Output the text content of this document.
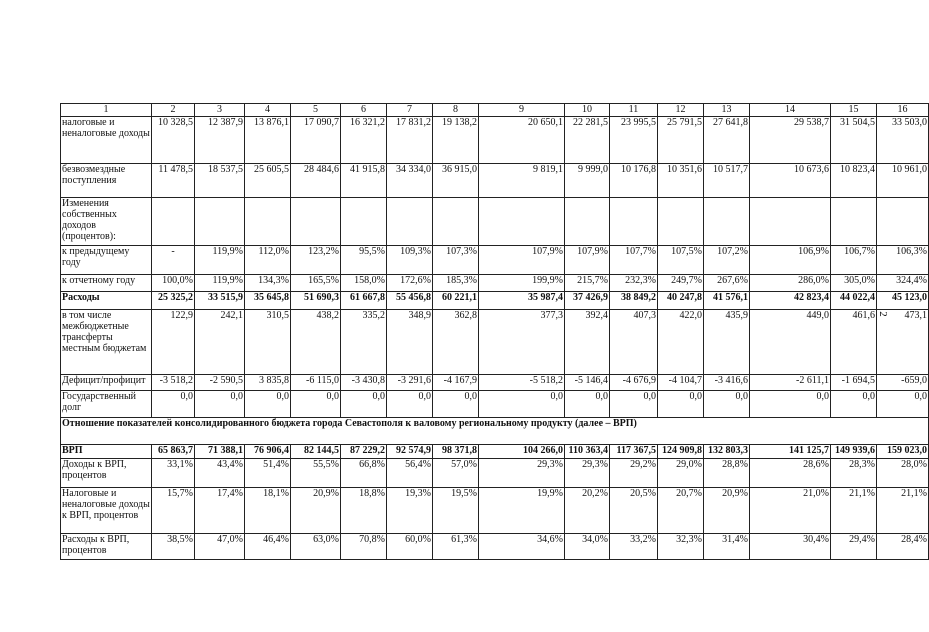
1	2	3	4	5	6	7	8	9	10	11	12	13	14	15	16
налоговые и неналоговые доходы	10 328,5	12 387,9	13 876,1	17 090,7	16 321,2	17 831,2	19 138,2	20 650,1	22 281,5	23 995,5	25 791,5	27 641,8	29 538,7	31 504,5	33 503,0
безвозмездные поступления	11 478,5	18 537,5	25 605,5	28 484,6	41 915,8	34 334,0	36 915,0	9 819,1	9 999,0	10 176,8	10 351,6	10 517,7	10 673,6	10 823,4	10 961,0
Изменения собственных доходов (процентов):															
к предыдущему году	-	119,9%	112,0%	123,2%	95,5%	109,3%	107,3%	107,9%	107,9%	107,7%	107,5%	107,2%	106,9%	106,7%	106,3%
к отчетному году	100,0%	119,9%	134,3%	165,5%	158,0%	172,6%	185,3%	199,9%	215,7%	232,3%	249,7%	267,6%	286,0%	305,0%	324,4%
Расходы	25 325,2	33 515,9	35 645,8	51 690,3	61 667,8	55 456,8	60 221,1	35 987,4	37 426,9	38 849,2	40 247,8	41 576,1	42 823,4	44 022,4	45 123,0
в том числе межбюджетные трансферты местным бюджетам	122,9	242,1	310,5	438,2	335,2	348,9	362,8	377,3	392,4	407,3	422,0	435,9	449,0	461,6	473,1
Дефицит/профицит	-3 518,2	-2 590,5	3 835,8	-6 115,0	-3 430,8	-3 291,6	-4 167,9	-5 518,2	-5 146,4	-4 676,9	-4 104,7	-3 416,6	-2 611,1	-1 694,5	-659,0
Государственный долг	0,0	0,0	0,0	0,0	0,0	0,0	0,0	0,0	0,0	0,0	0,0	0,0	0,0	0,0	0,0
Отношение показателей консолидированного бюджета города Севастополя к валовому региональному продукту (далее – ВРП)															
ВРП	65 863,7	71 388,1	76 906,4	82 144,5	87 229,2	92 574,9	98 371,8	104 266,0	110 363,4	117 367,5	124 909,8	132 803,3	141 125,7	149 939,6	159 023,0
Доходы к ВРП, процентов	33,1%	43,4%	51,4%	55,5%	66,8%	56,4%	57,0%	29,3%	29,3%	29,2%	29,0%	28,8%	28,6%	28,3%	28,0%
Налоговые и неналоговые доходы к ВРП, процентов	15,7%	17,4%	18,1%	20,9%	18,8%	19,3%	19,5%	19,9%	20,2%	20,5%	20,7%	20,9%	21,0%	21,1%	21,1%
Расходы к ВРП, процентов	38,5%	47,0%	46,4%	63,0%	70,8%	60,0%	61,3%	34,6%	34,0%	33,2%	32,3%	31,4%	30,4%	29,4%	28,4%
2
